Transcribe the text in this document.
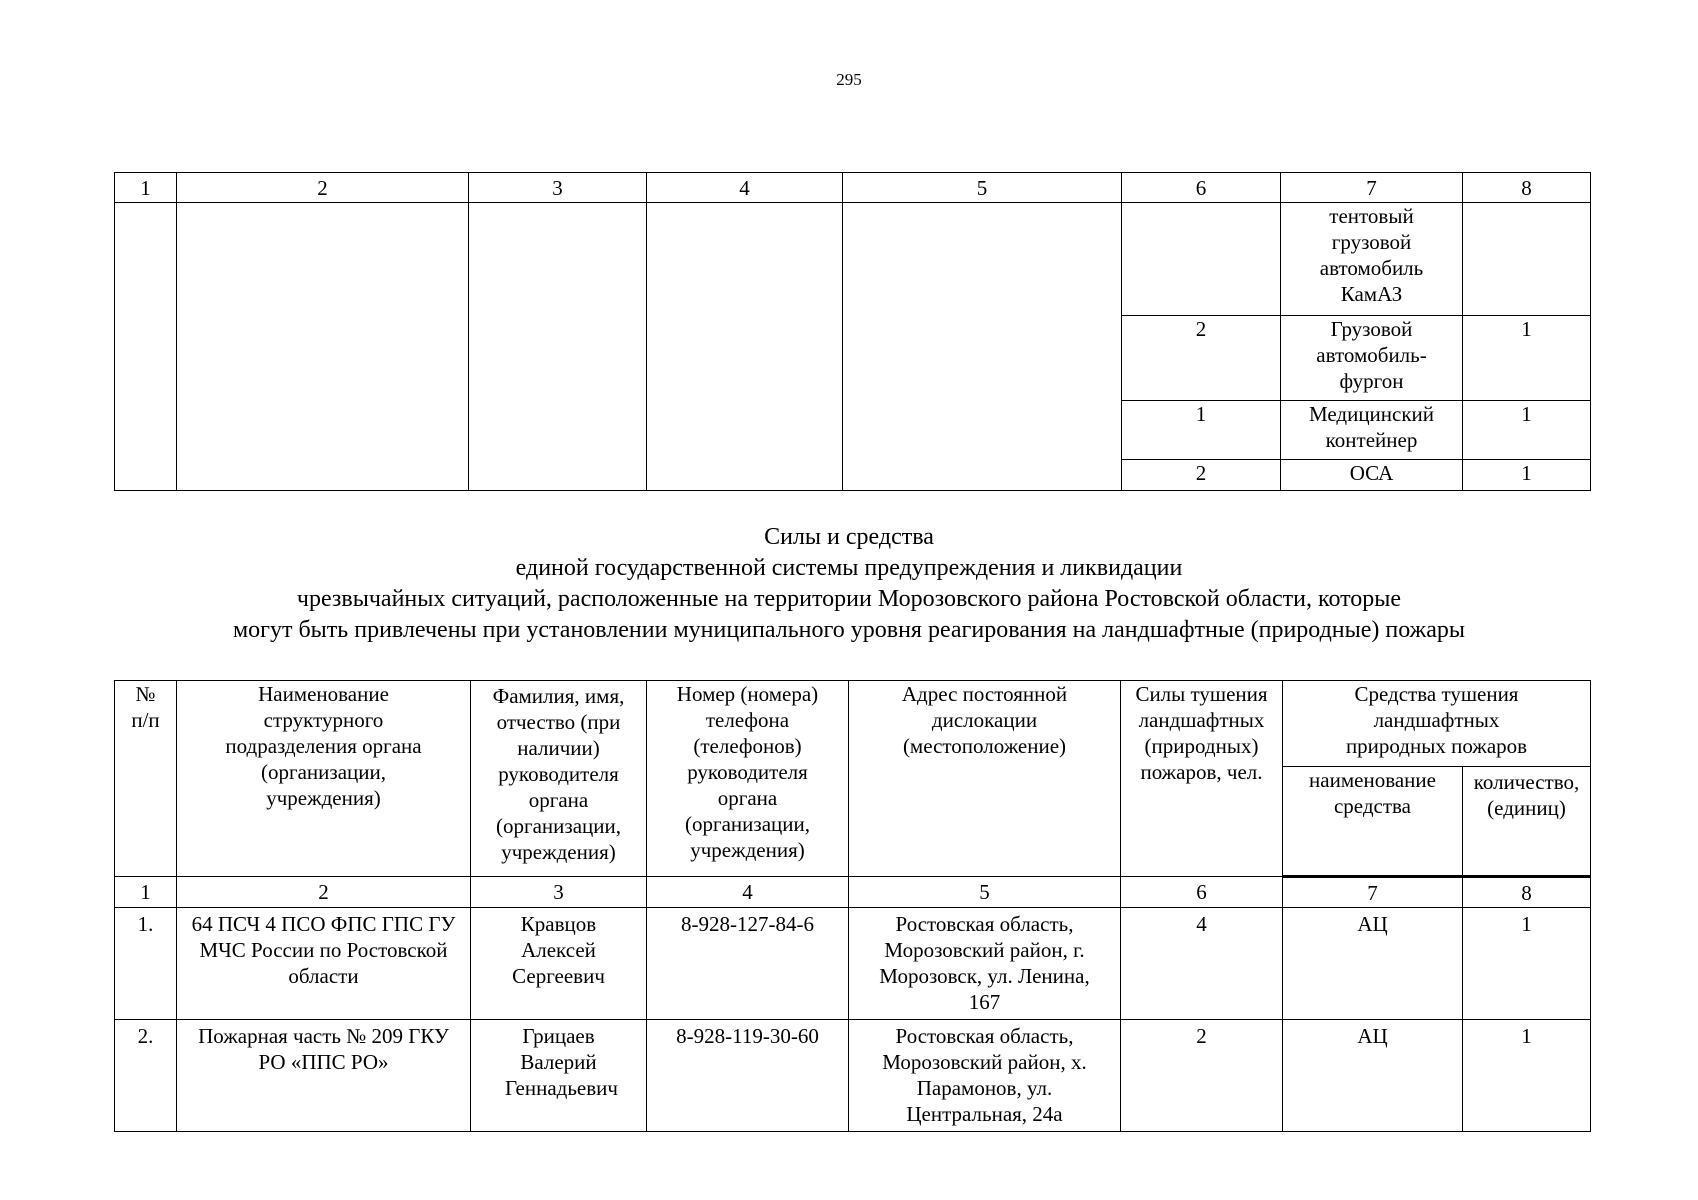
295
1	2	3	4	5	6	7	8
						тентовый грузовой автомобиль КамАЗ	
					2	Грузовой автомобиль-фургон	1
					1	Медицинский контейнер	1
					2	ОСА	1
Силы и средства
единой государственной системы предупреждения и ликвидации
чрезвычайных ситуаций, расположенные на территории Морозовского района Ростовской области, которые
могут быть привлечены при установлении муниципального уровня реагирования на ландшафтные (природные) пожары
№ п/п	Наименование структурного подразделения органа (организации, учреждения)	Фамилия, имя, отчество (при наличии) руководителя органа (организации, учреждения)	Номер (номера) телефона (телефонов) руководителя органа (организации, учреждения)	Адрес постоянной дислокации (местоположение)	Силы тушения ландшафтных (природных) пожаров, чел.	Средства тушения ландшафтных природных пожаров	
						наименование средства	количество, (единиц)
1	2	3	4	5	6	7	8
1.	64 ПСЧ 4 ПСО ФПС ГПС ГУ МЧС России по Ростовской области	Кравцов Алексей Сергеевич	8-928-127-84-6	Ростовская область, Морозовский район, г. Морозовск, ул. Ленина, 167	4	АЦ	1
2.	Пожарная часть № 209 ГКУ РО «ППС РО»	Грицаев Валерий Геннадьевич	8-928-119-30-60	Ростовская область, Морозовский район, х. Парамонов, ул. Центральная, 24а	2	АЦ	1
